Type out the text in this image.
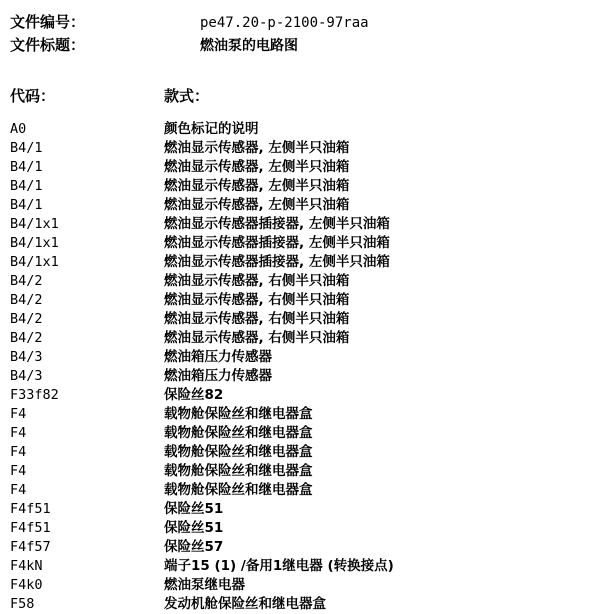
文件编号：	pe47.20-p-2100-97raa
文件标题：	燃油泵的电路图
代码：	款式：
A0	颜色标记的说明
B4/1	燃油显示传感器, 左侧半只油箱
B4/1	燃油显示传感器, 左侧半只油箱
B4/1	燃油显示传感器, 左侧半只油箱
B4/1	燃油显示传感器, 左侧半只油箱
B4/1x1	燃油显示传感器插接器, 左侧半只油箱
B4/1x1	燃油显示传感器插接器, 左侧半只油箱
B4/1x1	燃油显示传感器插接器, 左侧半只油箱
B4/2	燃油显示传感器, 右侧半只油箱
B4/2	燃油显示传感器, 右侧半只油箱
B4/2	燃油显示传感器, 右侧半只油箱
B4/2	燃油显示传感器, 右侧半只油箱
B4/3	燃油箱压力传感器
B4/3	燃油箱压力传感器
F33f82	保险丝82
F4	载物舱保险丝和继电器盒
F4	载物舱保险丝和继电器盒
F4	载物舱保险丝和继电器盒
F4	载物舱保险丝和继电器盒
F4	载物舱保险丝和继电器盒
F4f51	保险丝51
F4f51	保险丝51
F4f57	保险丝57
F4kN	端子15 (1) /备用1继电器 (转换接点)
F4k0	燃油泵继电器
F58	发动机舱保险丝和继电器盒
